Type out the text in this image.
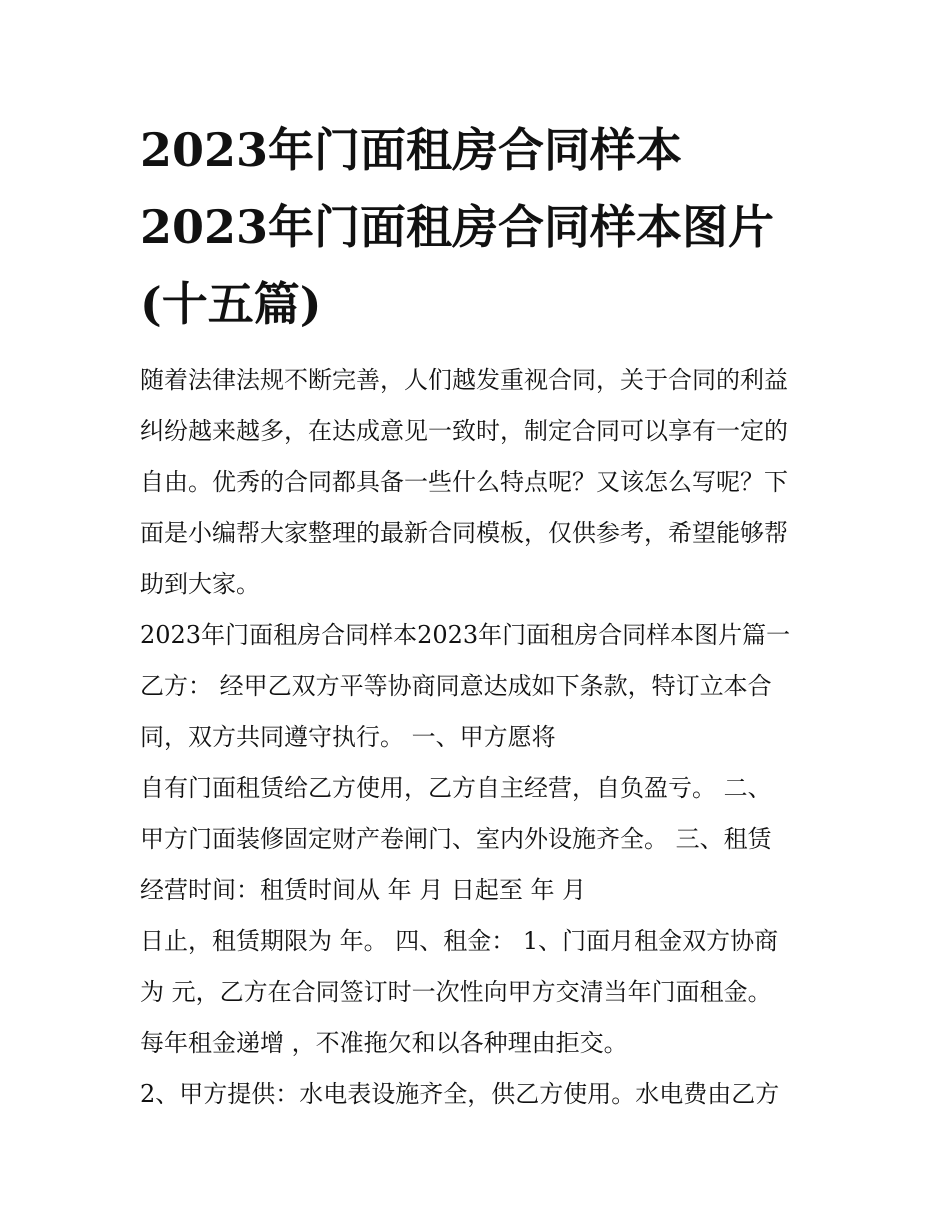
2023年门面租房合同样本
2023年门面租房合同样本图片
(十五篇)

随着法律法规不断完善，人们越发重视合同，关于合同的利益
纠纷越来越多，在达成意见一致时，制定合同可以享有一定的
自由。优秀的合同都具备一些什么特点呢？又该怎么写呢？下
面是小编帮大家整理的最新合同模板，仅供参考，希望能够帮
助到大家。

2023年门面租房合同样本2023年门面租房合同样本图片篇一

乙方： 经甲乙双方平等协商同意达成如下条款，特订立本合
同，双方共同遵守执行。 一、甲方愿将
自有门面租赁给乙方使用，乙方自主经营，自负盈亏。 二、
甲方门面装修固定财产卷闸门、室内外设施齐全。 三、租赁
经营时间：租赁时间从 年 月 日起至 年 月
日止，租赁期限为 年。 四、租金： 1、门面月租金双方协商
为 元，乙方在合同签订时一次性向甲方交清当年门面租金。
每年租金递增 ，不准拖欠和以各种理由拒交。
2、甲方提供：水电表设施齐全，供乙方使用。水电费由乙方
